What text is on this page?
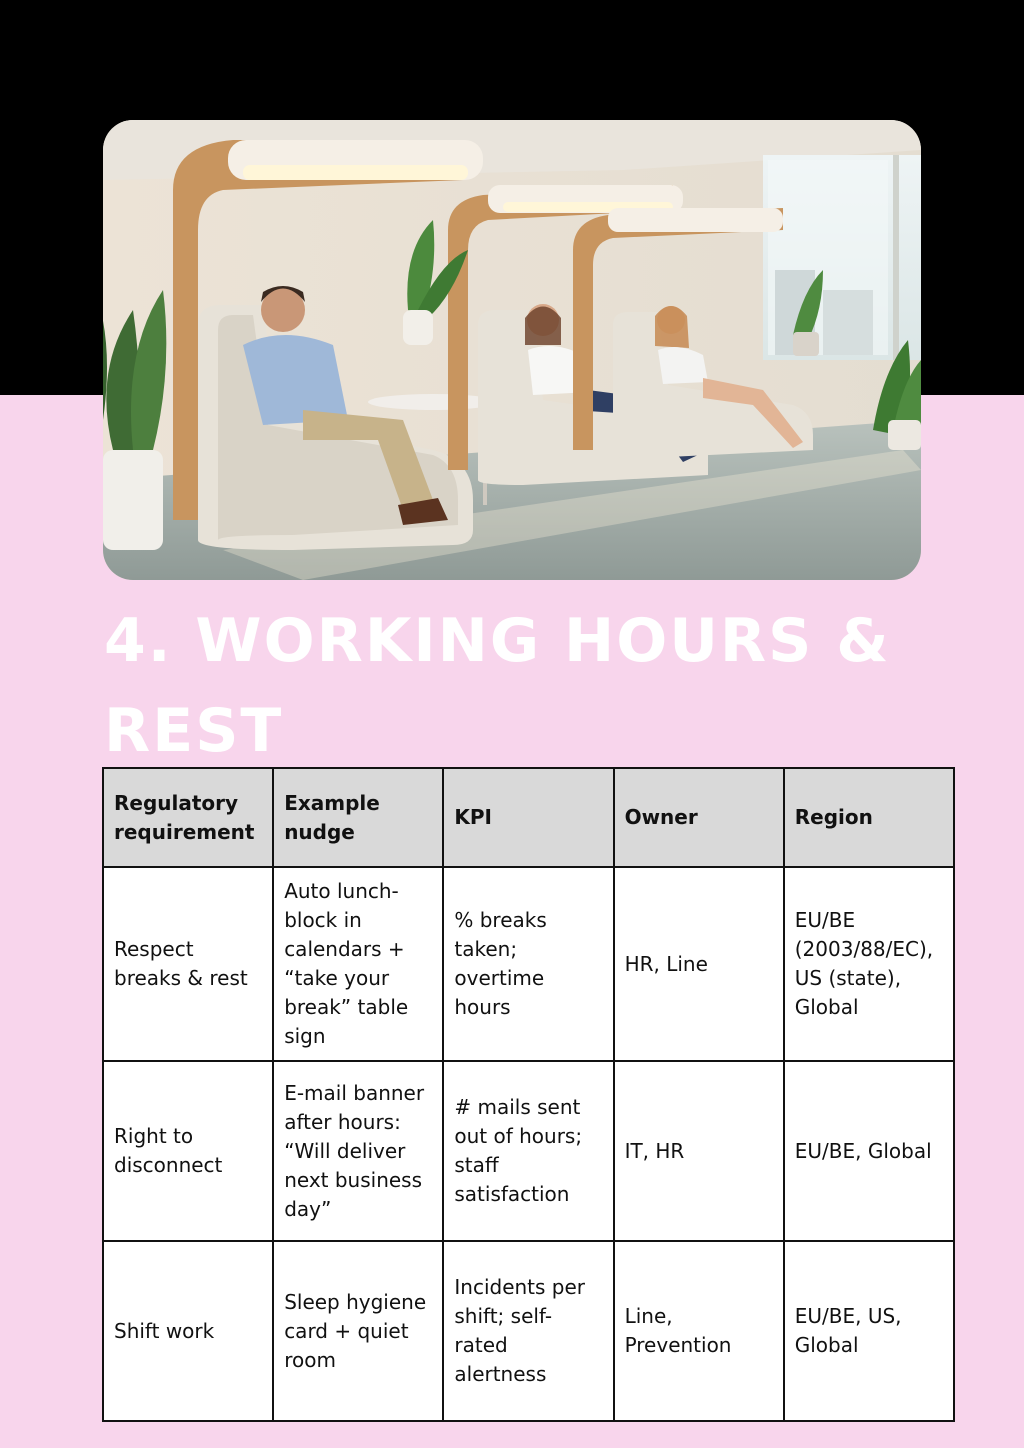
4. WORKING HOURS & REST
Regulatory requirement	Example nudge	KPI	Owner	Region
Respect breaks & rest	Auto lunch-block in calendars + “take your break” table sign	% breaks taken; overtime hours	HR, Line	EU/BE (2003/88/EC), US (state), Global
Right to disconnect	E-mail banner after hours: “Will deliver next business day”	# mails sent out of hours; staff satisfaction	IT, HR	EU/BE, Global
Shift work	Sleep hygiene card + quiet room	Incidents per shift; self-rated alertness	Line, Prevention	EU/BE, US, Global
